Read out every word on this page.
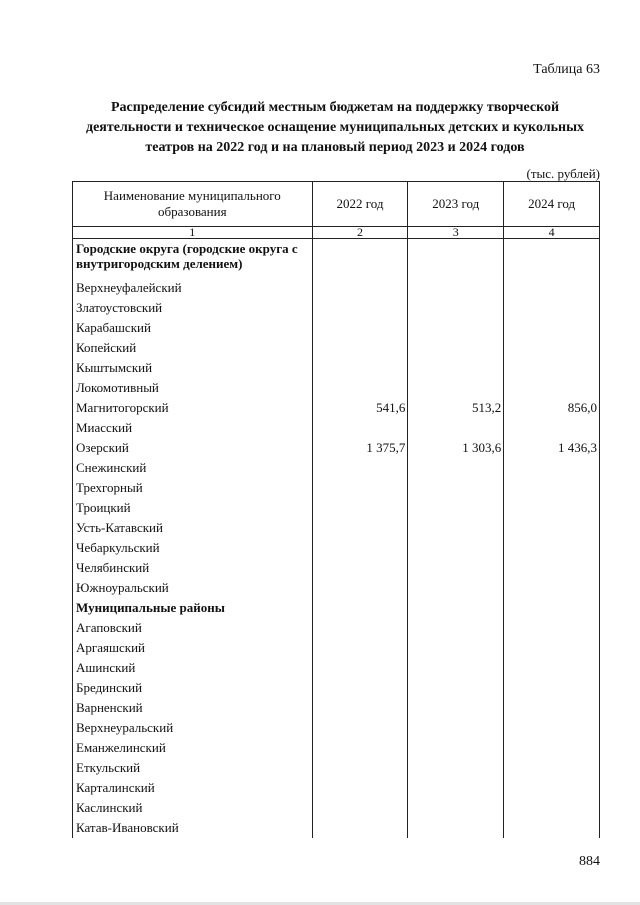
Таблица 63
Распределение субсидий местным бюджетам на поддержку творческой
деятельности и техническое оснащение муниципальных детских и кукольных
театров на 2022 год и на плановый период 2023 и 2024 годов
(тыс. рублей)
Наименование муниципального образования	2022 год	2023 год	2024 год
1	2	3	4
Городские округа (городские округа с внутригородским делением)			
Верхнеуфалейский			
Златоустовский			
Карабашский			
Копейский			
Кыштымский			
Локомотивный			
Магнитогорский	541,6	513,2	856,0
Миасский			
Озерский	1 375,7	1 303,6	1 436,3
Снежинский			
Трехгорный			
Троицкий			
Усть-Катавский			
Чебаркульский			
Челябинский			
Южноуральский			
Муниципальные районы			
Агаповский			
Аргаяшский			
Ашинский			
Брединский			
Варненский			
Верхнеуральский			
Еманжелинский			
Еткульский			
Карталинский			
Каслинский			
Катав-Ивановский			
884
